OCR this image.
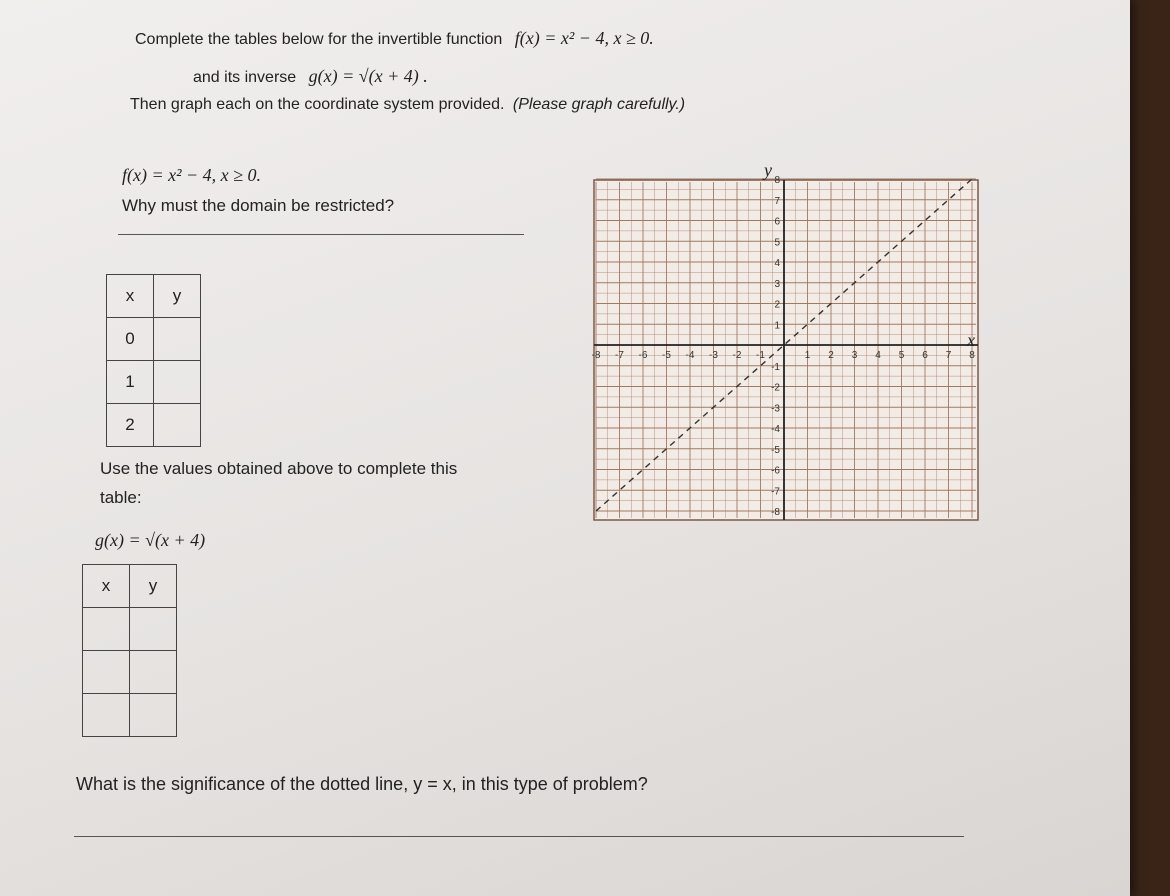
Complete the tables below for the invertible function f(x) = x² − 4, x ≥ 0.
and its inverse g(x) = √(x + 4) .
Then graph each on the coordinate system provided. (Please graph carefully.)
f(x) = x² − 4, x ≥ 0.
Why must the domain be restricted?
x	y
0	
1	
2	
Use the values obtained above to complete this
table:
g(x) = √(x + 4)
x	y

-8 -7 -6 -5 -4 -3 -2 -1	1 2 3 4 5 6 7 8
8
7
6
5
4
3
2
1
-1
-2
-3
-4
-5
-6
-7
-8
y
x
What is the significance of the dotted line, y = x, in this type of problem?
